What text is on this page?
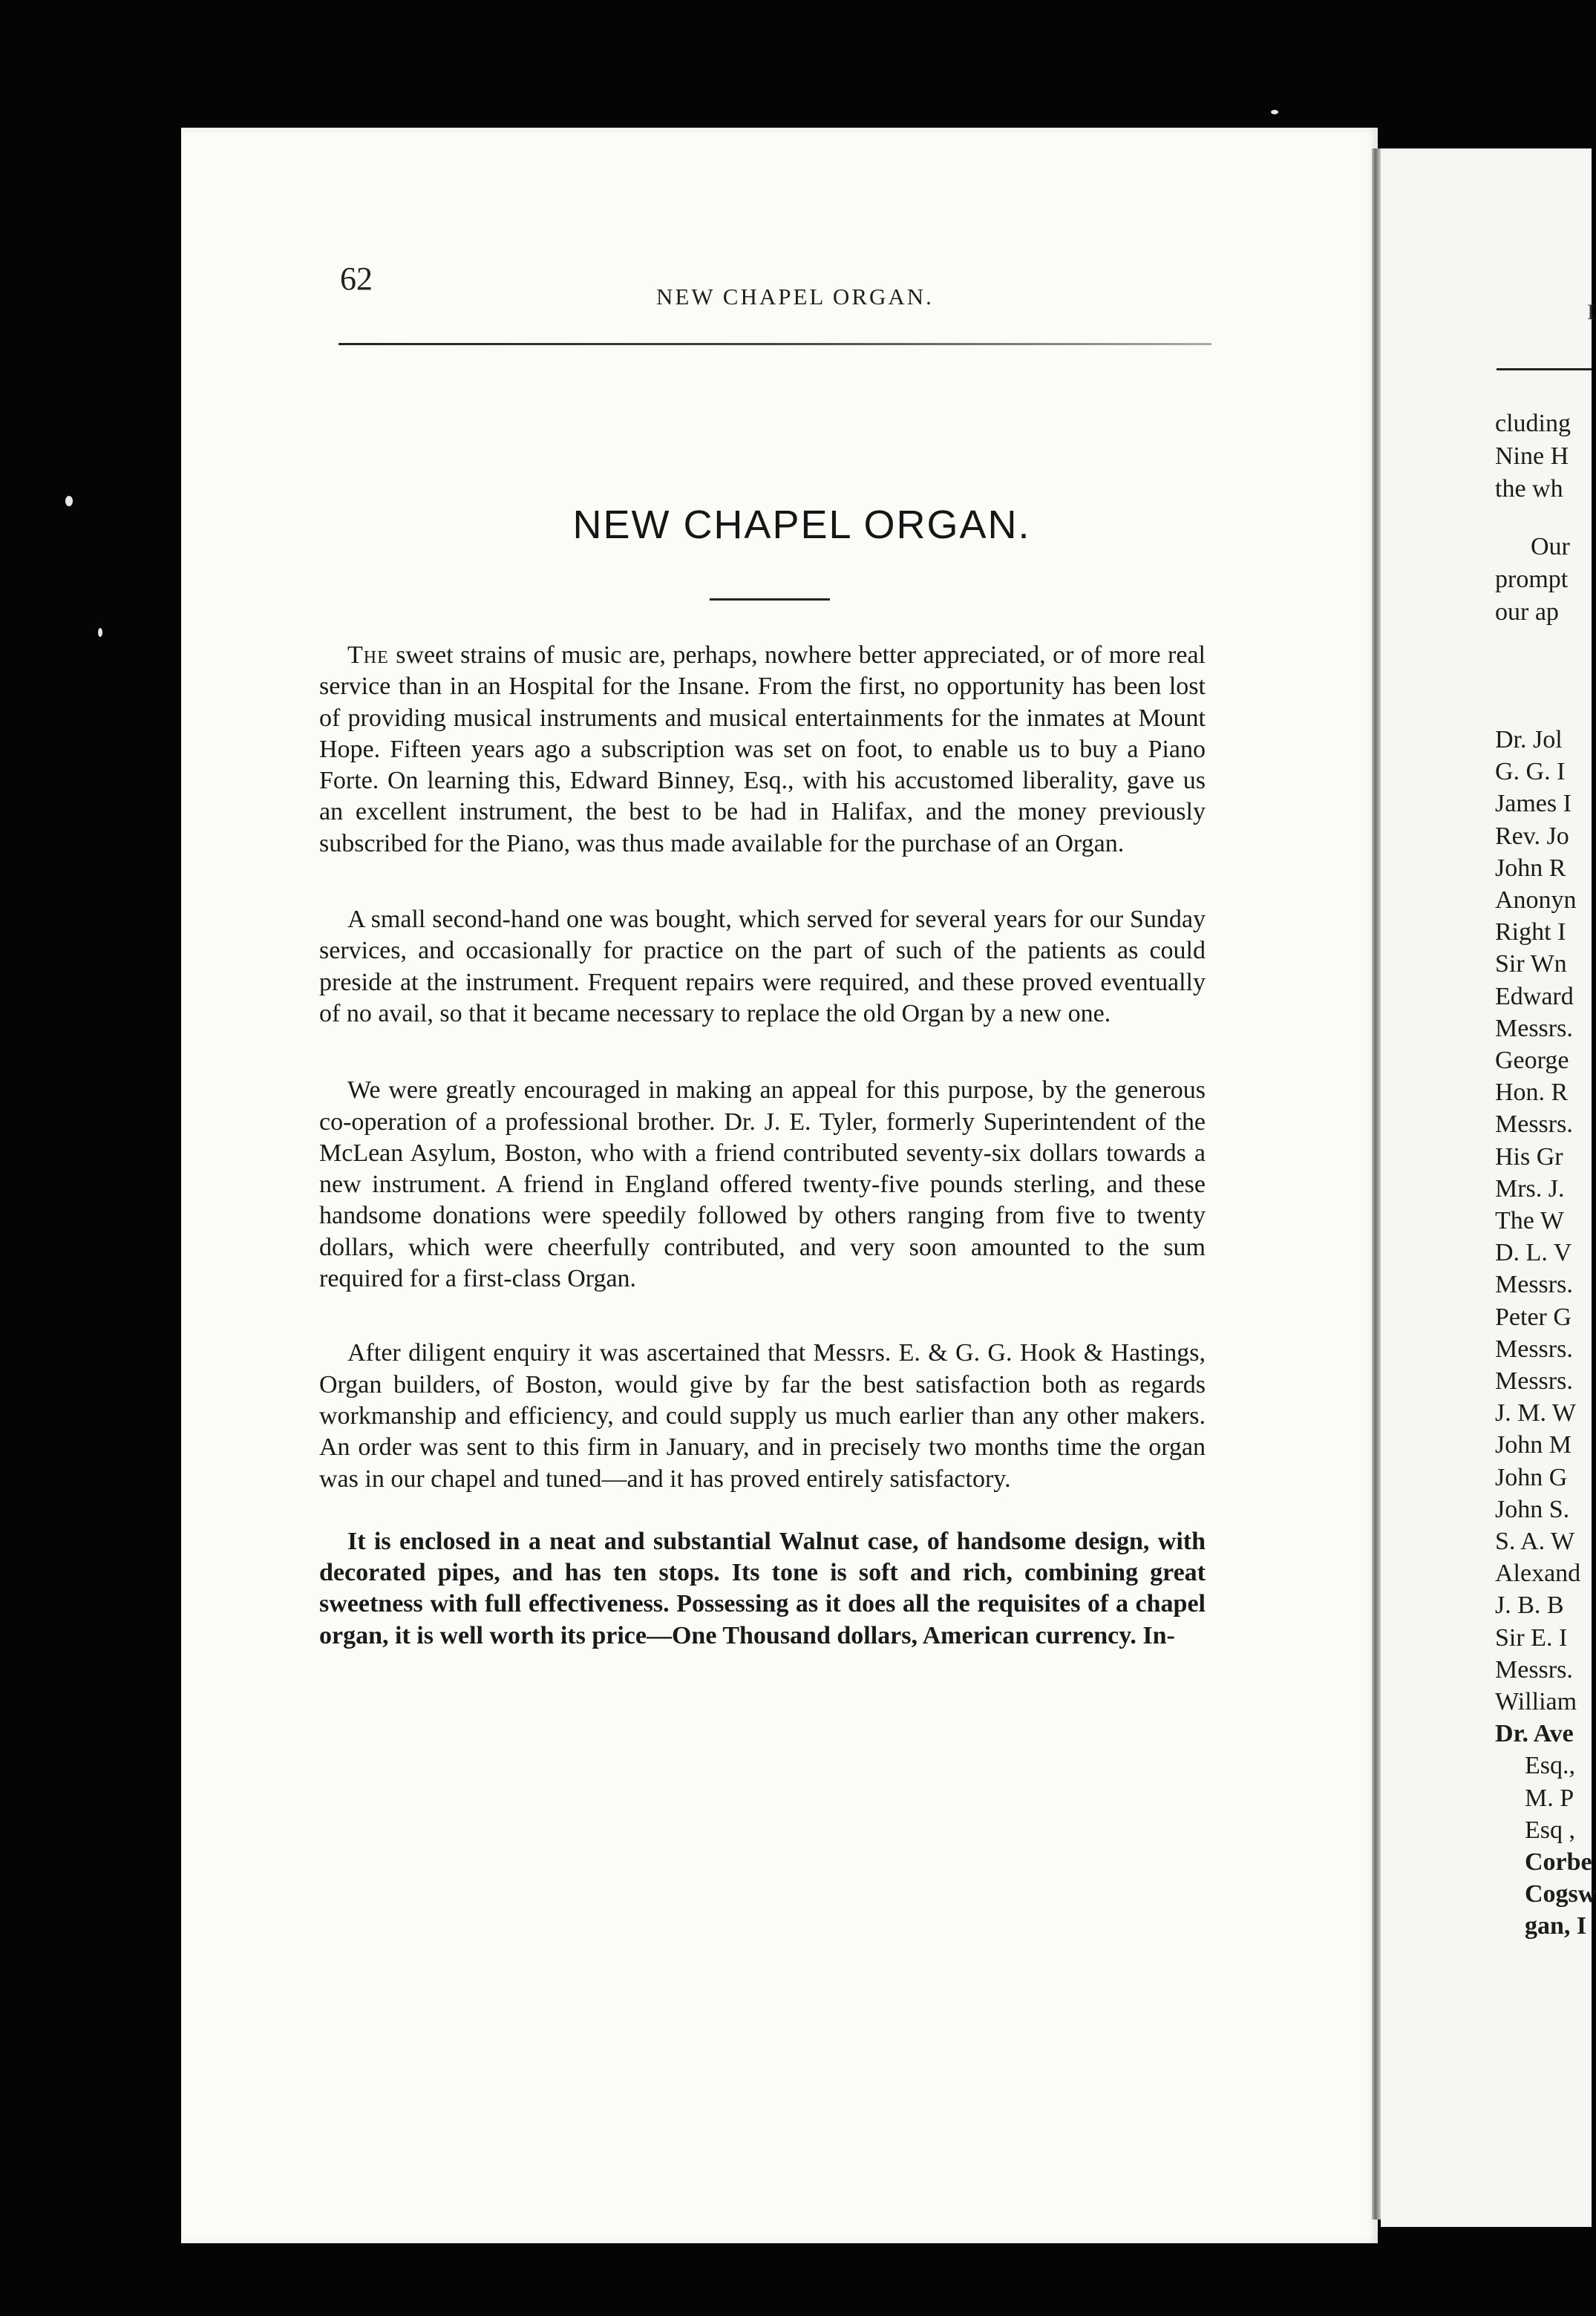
cluding

Nine H

the wh

Our

prompt

our ap

Dr. Jol

G. G. I

James I

Rev. Jo

John R

Anonyn

Right I

Sir Wn

Edward

Messrs.

George

Hon. R

Messrs.

His Gr

Mrs. J.

The W

D. L. V

Messrs.

Peter G

Messrs.

Messrs.

J. M. W

John M

John G

John S.

S. A. W

Alexand

J. B. B

Sir E. I

Messrs.

William

Dr. Ave

Esq.,

M. P

Esq ,

Corbe

Cogsw

gan, I

62	NEW CHAPEL ORGAN.

NEW CHAPEL ORGAN.

The sweet strains of music are, perhaps, nowhere better appreciated, or of more real service than in an Hospital for the Insane. From the first, no opportunity has been lost of providing musical instruments and musical entertainments for the inmates at Mount Hope. Fifteen years ago a subscription was set on foot, to enable us to buy a Piano Forte. On learning this, Edward Binney, Esq., with his accustomed liberality, gave us an excellent instrument, the best to be had in Halifax, and the money previously subscribed for the Piano, was thus made available for the purchase of an Organ.

A small second-hand one was bought, which served for several years for our Sunday services, and occasionally for practice on the part of such of the patients as could preside at the instrument. Frequent repairs were required, and these proved eventually of no avail, so that it became necessary to replace the old Organ by a new one.

We were greatly encouraged in making an appeal for this purpose, by the generous co-operation of a professional brother. Dr. J. E. Tyler, formerly Superintendent of the McLean Asylum, Boston, who with a friend contributed seventy-six dollars towards a new instrument. A friend in England offered twenty-five pounds sterling, and these handsome donations were speedily followed by others ranging from five to twenty dollars, which were cheerfully contributed, and very soon amounted to the sum required for a first-class Organ.

After diligent enquiry it was ascertained that Messrs. E. & G. G. Hook & Hastings, Organ builders, of Boston, would give by far the best satisfaction both as regards workmanship and efficiency, and could supply us much earlier than any other makers. An order was sent to this firm in January, and in precisely two months time the organ was in our chapel and tuned—and it has proved entirely satisfactory.

It is enclosed in a neat and substantial Walnut case, of handsome design, with decorated pipes, and has ten stops. Its tone is soft and rich, combining great sweetness with full effectiveness. Possessing as it does all the requisites of a chapel organ, it is well worth its price—One Thousand dollars, American currency. In-

I
